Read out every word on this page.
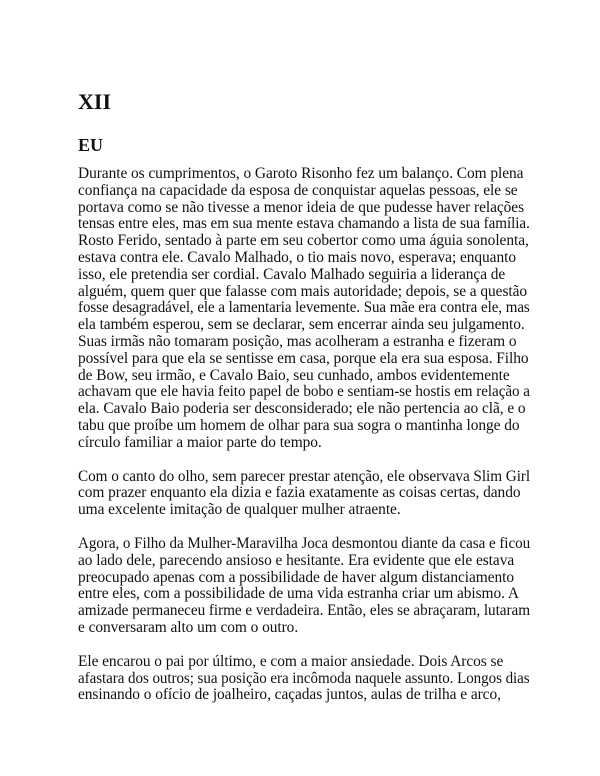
XII
EU

Durante os cumprimentos, o Garoto Risonho fez um balanço. Com plena
confiança na capacidade da esposa de conquistar aquelas pessoas, ele se
portava como se não tivesse a menor ideia de que pudesse haver relações
tensas entre eles, mas em sua mente estava chamando a lista de sua família.
Rosto Ferido, sentado à parte em seu cobertor como uma águia sonolenta,
estava contra ele. Cavalo Malhado, o tio mais novo, esperava; enquanto
isso, ele pretendia ser cordial. Cavalo Malhado seguiria a liderança de
alguém, quem quer que falasse com mais autoridade; depois, se a questão
fosse desagradável, ele a lamentaria levemente. Sua mãe era contra ele, mas
ela também esperou, sem se declarar, sem encerrar ainda seu julgamento.
Suas irmãs não tomaram posição, mas acolheram a estranha e fizeram o
possível para que ela se sentisse em casa, porque ela era sua esposa. Filho
de Bow, seu irmão, e Cavalo Baio, seu cunhado, ambos evidentemente
achavam que ele havia feito papel de bobo e sentiam-se hostis em relação a
ela. Cavalo Baio poderia ser desconsiderado; ele não pertencia ao clã, e o
tabu que proíbe um homem de olhar para sua sogra o mantinha longe do
círculo familiar a maior parte do tempo.

Com o canto do olho, sem parecer prestar atenção, ele observava Slim Girl
com prazer enquanto ela dizia e fazia exatamente as coisas certas, dando
uma excelente imitação de qualquer mulher atraente.

Agora, o Filho da Mulher-Maravilha Joca desmontou diante da casa e ficou
ao lado dele, parecendo ansioso e hesitante. Era evidente que ele estava
preocupado apenas com a possibilidade de haver algum distanciamento
entre eles, com a possibilidade de uma vida estranha criar um abismo. A
amizade permaneceu firme e verdadeira. Então, eles se abraçaram, lutaram
e conversaram alto um com o outro.

Ele encarou o pai por último, e com a maior ansiedade. Dois Arcos se
afastara dos outros; sua posição era incômoda naquele assunto. Longos dias
ensinando o ofício de joalheiro, caçadas juntos, aulas de trilha e arco,
